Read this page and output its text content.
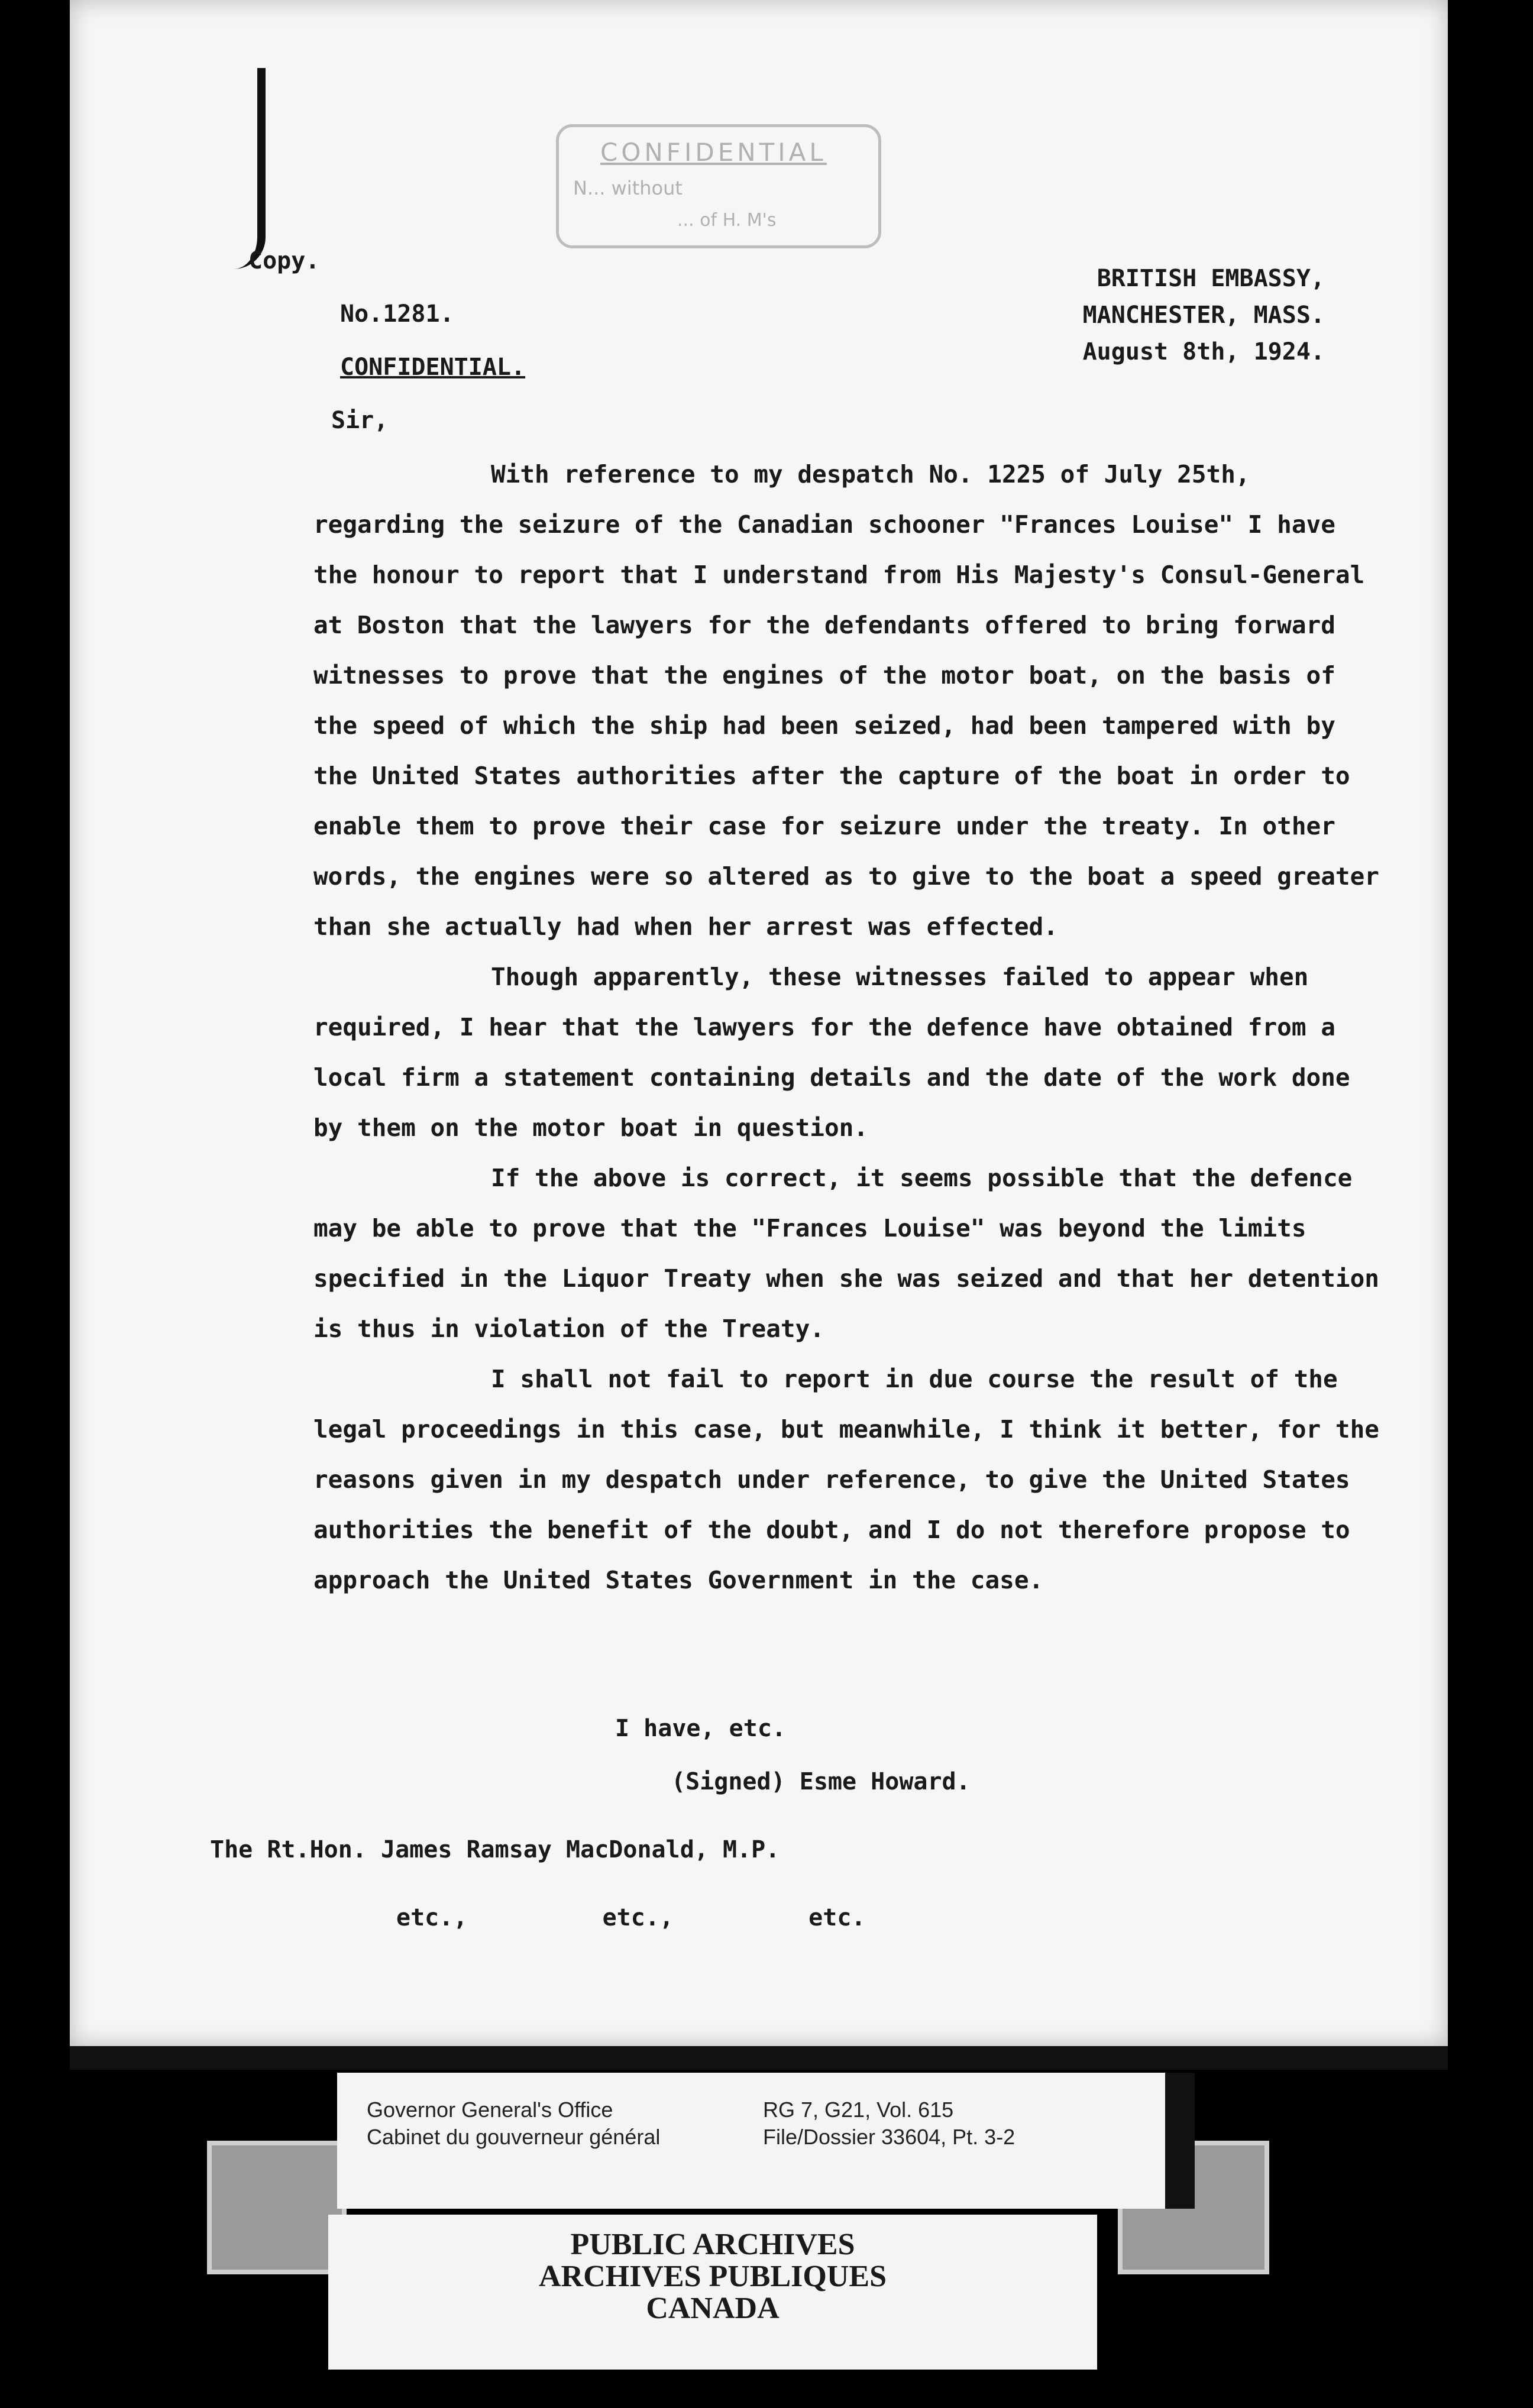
CONFIDENTIAL
N... without
... of H. M's
Copy.
No.1281.
BRITISH EMBASSY,
MANCHESTER, MASS.
August 8th, 1924.
CONFIDENTIAL.
Sir,

With reference to my despatch No. 1225 of July 25th, regarding the seizure of the Canadian schooner "Frances Louise" I have the honour to report that I understand from His Majesty's Consul-General at Boston that the lawyers for the defendants offered to bring forward witnesses to prove that the engines of the motor boat, on the basis of the speed of which the ship had been seized, had been tampered with by the United States authorities after the capture of the boat in order to enable them to prove their case for seizure under the treaty. In other words, the engines were so altered as to give to the boat a speed greater than she actually had when her arrest was effected.

Though apparently, these witnesses failed to appear when required, I hear that the lawyers for the defence have obtained from a local firm a statement containing details and the date of the work done by them on the motor boat in question.

If the above is correct, it seems possible that the defence may be able to prove that the "Frances Louise" was beyond the limits specified in the Liquor Treaty when she was seized and that her detention is thus in violation of the Treaty.

I shall not fail to report in due course the result of the legal proceedings in this case, but meanwhile, I think it better, for the reasons given in my despatch under reference, to give the United States authorities the benefit of the doubt, and I do not therefore propose to approach the United States Government in the case.

I have, etc.
(Signed) Esme Howard.
The Rt.Hon. James Ramsay MacDonald, M.P.
etc.,  etc.,  etc.
Governor General's Office
Cabinet du gouverneur général
RG 7, G21, Vol. 615
File/Dossier 33604, Pt. 3-2
PUBLIC ARCHIVES
ARCHIVES PUBLIQUES
CANADA
